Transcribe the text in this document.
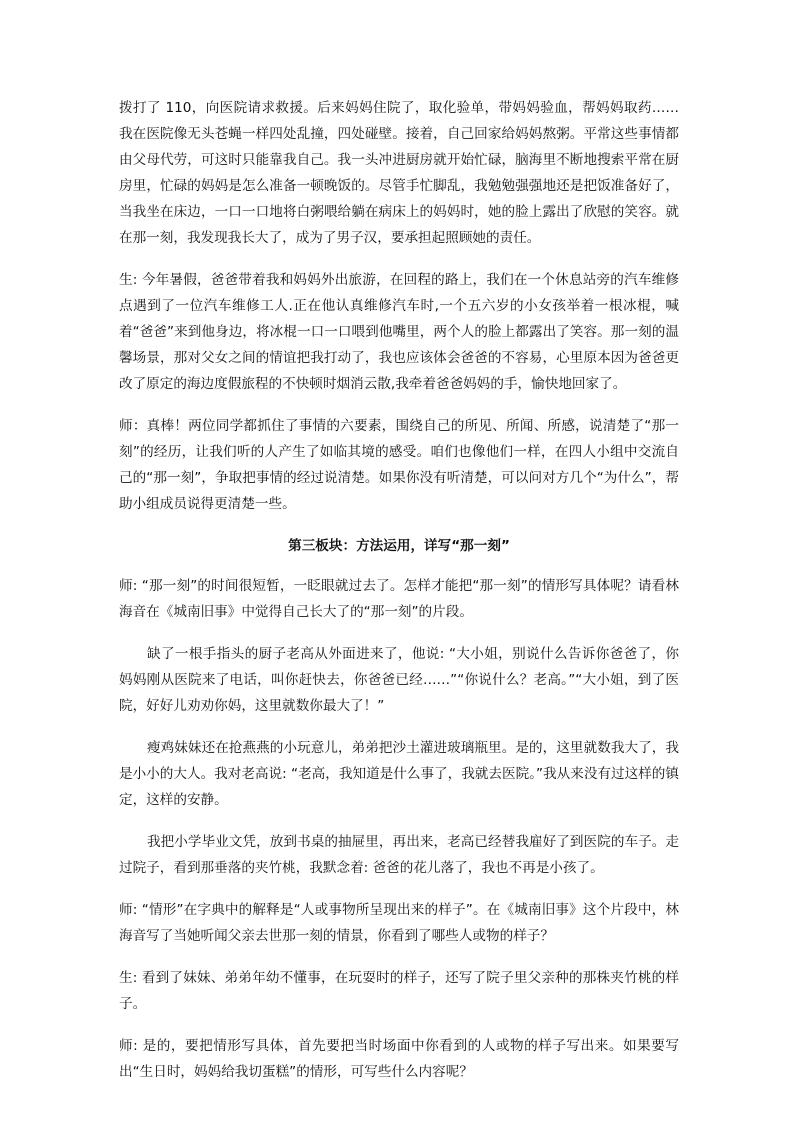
拨打了 110，向医院请求救援。后来妈妈住院了，取化验单，带妈妈验血，帮妈妈取药……我在医院像无头苍蝇一样四处乱撞，四处碰壁。接着，自己回家给妈妈熬粥。平常这些事情都由父母代劳，可这时只能靠我自己。我一头冲进厨房就开始忙碌，脑海里不断地搜索平常在厨房里，忙碌的妈妈是怎么准备一顿晚饭的。尽管手忙脚乱，我勉勉强强地还是把饭准备好了，当我坐在床边，一口一口地将白粥喂给躺在病床上的妈妈时，她的脸上露出了欣慰的笑容。就在那一刻，我发现我长大了，成为了男子汉，要承担起照顾她的责任。

生: 今年暑假，爸爸带着我和妈妈外出旅游，在回程的路上，我们在一个休息站旁的汽车维修点遇到了一位汽车维修工人.正在他认真维修汽车时,一个五六岁的小女孩举着一根冰棍，喊着“爸爸”来到他身边，将冰棍一口一口喂到他嘴里，两个人的脸上都露出了笑容。那一刻的温馨场景，那对父女之间的情谊把我打动了，我也应该体会爸爸的不容易，心里原本因为爸爸更改了原定的海边度假旅程的不快顿时烟消云散,我牵着爸爸妈妈的手，愉快地回家了。

师：真棒！两位同学都抓住了事情的六要素，围绕自己的所见、所闻、所感，说清楚了“那一刻”的经历，让我们听的人产生了如临其境的感受。咱们也像他们一样，在四人小组中交流自己的“那一刻”，争取把事情的经过说清楚。如果你没有听清楚，可以问对方几个“为什么”，帮助小组成员说得更清楚一些。

第三板块：方法运用，详写“那一刻”

师: “那一刻”的时间很短暂，一眨眼就过去了。怎样才能把“那一刻”的情形写具体呢？请看林海音在《城南旧事》中觉得自己长大了的“那一刻”的片段。

缺了一根手指头的厨子老高从外面进来了，他说: “大小姐，别说什么告诉你爸爸了，你妈妈刚从医院来了电话，叫你赶快去，你爸爸已经……”“你说什么？老高。”“大小姐，到了医院，好好儿劝劝你妈，这里就数你最大了！”

瘦鸡妹妹还在抢燕燕的小玩意儿，弟弟把沙土灌进玻璃瓶里。是的，这里就数我大了，我是小小的大人。我对老高说: “老高，我知道是什么事了，我就去医院。”我从来没有过这样的镇定，这样的安静。

我把小学毕业文凭，放到书桌的抽屉里，再出来，老高已经替我雇好了到医院的车子。走过院子，看到那垂落的夹竹桃，我默念着: 爸爸的花儿落了，我也不再是小孩了。

师: “情形”在字典中的解释是“人或事物所呈现出来的样子”。在《城南旧事》这个片段中，林海音写了当她听闻父亲去世那一刻的情景，你看到了哪些人或物的样子？

生: 看到了妹妹、弟弟年幼不懂事，在玩耍时的样子，还写了院子里父亲种的那株夹竹桃的样子。

师: 是的，要把情形写具体，首先要把当时场面中你看到的人或物的样子写出来。如果要写出“生日时，妈妈给我切蛋糕”的情形，可写些什么内容呢？
